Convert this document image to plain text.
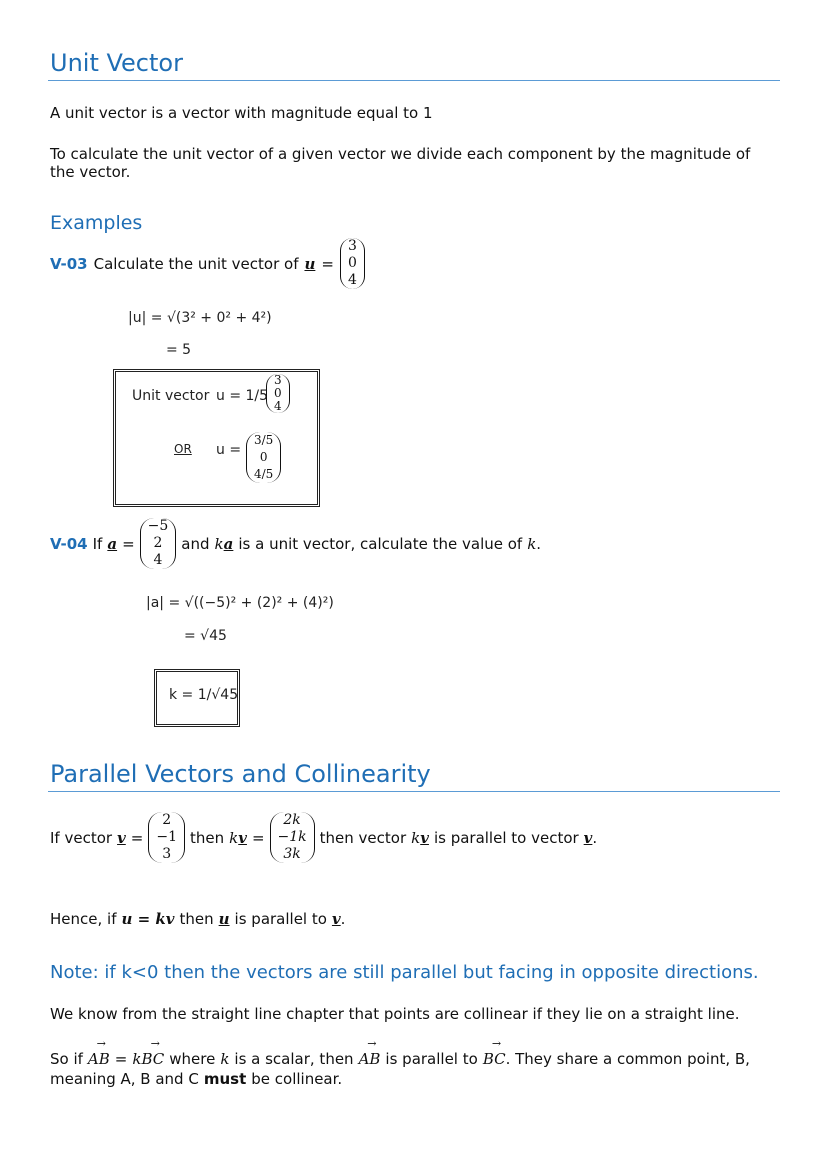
Unit Vector
A unit vector is a vector with magnitude equal to 1
To calculate the unit vector of a given vector we divide each component by the magnitude of
the vector.
Examples
V-03 Calculate the unit vector of u =
3
0
4
|u| = √(3² + 0² + 4²)
= 5
Unit vector u = 1/5
3
0
4
OR u =
3/5
0
4/5
V-04 If a =
−5
2
4
and ka is a unit vector, calculate the value of k.
|a| = √((−5)² + (2)² + (4)²)
= √45
k = 1/√45
Parallel Vectors and Collinearity
If vector v =
2
−1
3
then kv =
2k
−1k
3k
then vector kv is parallel to vector v.
Hence, if u = kv then u is parallel to v.
Note: if k<0 then the vectors are still parallel but facing in opposite directions.
We know from the straight line chapter that points are collinear if they lie on a straight line.
So if → AB = k→ BC where k is a scalar, then → AB is parallel to → BC. They share a common point, B,
meaning A, B and C must be collinear.
